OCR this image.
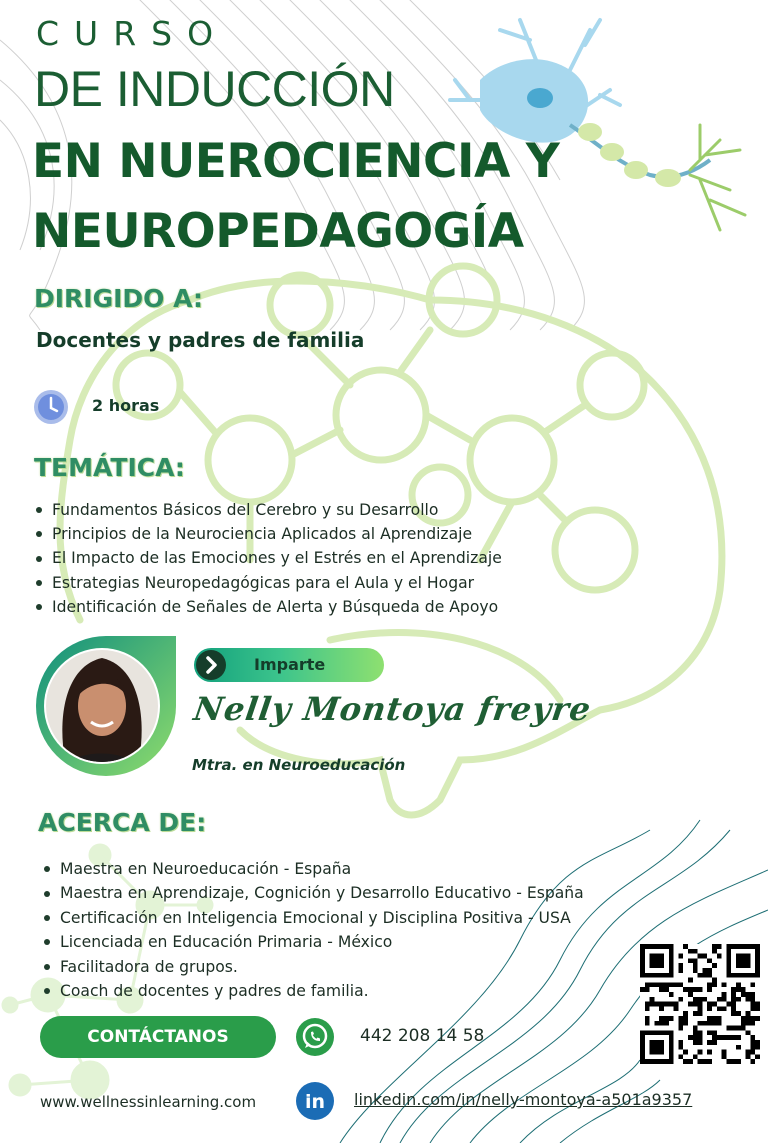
CURSO
DE INDUCCIÓN
EN NUEROCIENCIA Y
NEUROPEDAGOGÍA
DIRIGIDO A:
Docentes y padres de familia
2 horas
TEMÁTICA:
Fundamentos Básicos del Cerebro y su Desarrollo
Principios de la Neurociencia Aplicados al Aprendizaje
El Impacto de las Emociones y el Estrés en el Aprendizaje
Estrategias Neuropedagógicas para el Aula y el Hogar
Identificación de Señales de Alerta y Búsqueda de Apoyo
Imparte
Nelly Montoya freyre
Mtra. en Neuroeducación
ACERCA DE:
Maestra en Neuroeducación - España
Maestra en Aprendizaje, Cognición y Desarrollo Educativo - España
Certificación en Inteligencia Emocional y Disciplina Positiva - USA
Licenciada en Educación Primaria - México
Facilitadora de grupos.
Coach de docentes y padres de familia.
CONTÁCTANOS	442 208 14 58
www.wellnessinlearning.com	in linkedin.com/in/nelly-montoya-a501a9357
